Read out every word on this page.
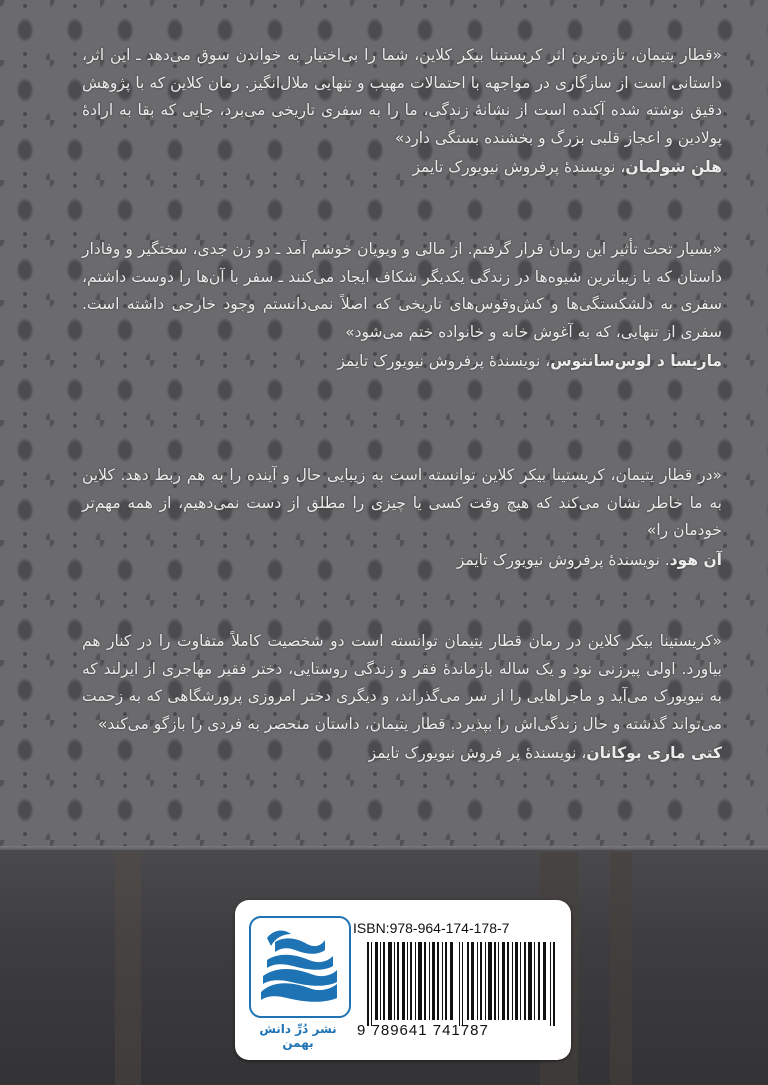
«قطار یتیمان، تازه‌ترین اثر کریستینا بیکر کلاین، شما را بی‌اختیار به خواندن سوق می‌دهد ـ این اثر، داستانی است از سازگاری در مواجهه با احتمالات مهیب و تنهایی ملال‌انگیز. رمان کلاین که با پژوهش دقیق نوشته شده آکنده است از نشانهٔ زندگی، ما را به سفری تاریخی می‌برد، جایی که بقا به ارادهٔ پولادین و اعجاز قلبی بزرگ و بخشنده بستگی دارد»
هلن شولمان، نویسندهٔ پرفروش نیویورک تایمز
«بسیار تحت تأثیر این رمان قرار گرفتم. از مالی و ویویان خوشم آمد ـ دو زن جدی، سختگیر و وفادار داستان که با زیباترین شیوه‌ها در زندگی یکدیگر شکاف ایجاد می‌کنند ـ سفر با آن‌ها را دوست داشتم، سفری به دلشکستگی‌ها و کش‌وقوس‌های تاریخی که اصلاً نمی‌دانستم وجود خارجی داشته است. سفری از تنهایی، که به آغوش خانه و خانواده ختم می‌شود»
ماریسا د لوس‌سانتوس، نویسندهٔ پرفروش نیویورک تایمز
«در قطار یتیمان، کریستینا بیکر کلاین توانسته است به زیبایی حال و آینده را به هم ربط دهد. کلاین به ما خاطر نشان می‌کند که هیچ وقت کسی یا چیزی را مطلق از دست نمی‌دهیم، از همه مهم‌تر خودمان را»
آن هود. نویسندهٔ پرفروش نیویورک تایمز
«کریستینا بیکر کلاین در رمان قطار یتیمان توانسته است دو شخصیت کاملاً متفاوت را در کنار هم بیاورد. اولی پیرزنی نود و یک ساله بازماندهٔ فقر و زندگی روستایی، دختر فقیر مهاجری از ایرلند که به نیویورک می‌آید و ماجراهایی را از سر می‌گذراند، و دیگری دختر امروزی پرورشگاهی که به زحمت می‌تواند گذشته و حال زندگی‌اش را بپذیرد. قطار یتیمان، داستان منحصر به فردی را بازگو می‌کند»
کتی ماری بوکانان، نویسندهٔ پر فروش نیویورک تایمز
نشر دُرِّ دانش بهمن
ISBN:978-964-174-178-7
9 789641 741787
